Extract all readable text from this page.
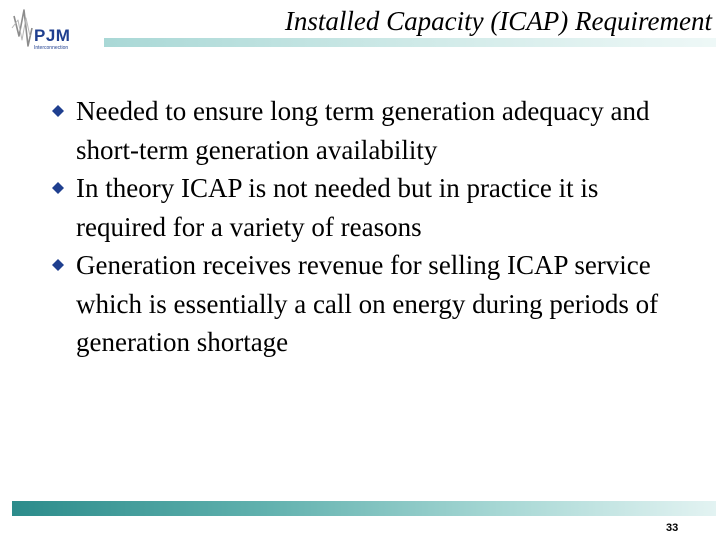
PJM
Interconnection
Installed Capacity (ICAP) Requirement
Needed to ensure long term generation adequacy and short-term generation availability
In theory ICAP is not needed but in practice it is required for a variety of reasons
Generation receives revenue for selling ICAP service which is essentially a call on energy during periods of generation shortage
33
